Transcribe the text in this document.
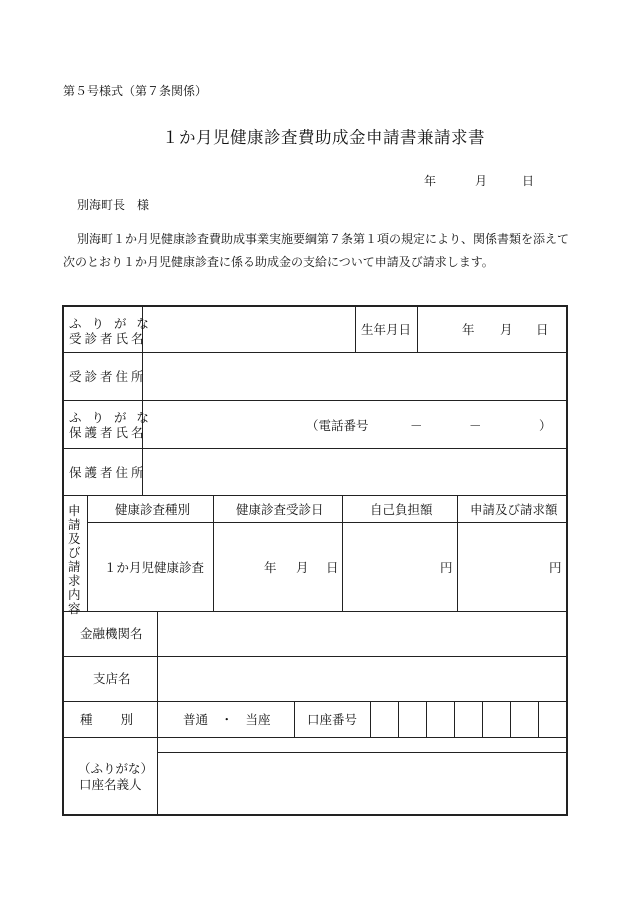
第５号様式（第７条関係）
１か月児健康診査費助成金申請書兼請求書
年	月	日
別海町長　様
別海町１か月児健康診査費助成事業実施要綱第７条第１項の規定により、関係書類を添えて
次のとおり１か月児健康診査に係る助成金の支給について申請及び請求します。
ふ り が な
受診者氏名
生年月日	年 月 日
受診者住所
ふ り が な
保護者氏名	（電話番号	－	－	）
保護者住所
申
請
及
び
請
求
内
容
健康診査種別	健康診査受診日	自己負担額	申請及び請求額
１か月児健康診査	年 月 日	円	円
金融機関名
支店名
種　　別	普通　・　当座	口座番号
（ふりがな）
口座名義人
